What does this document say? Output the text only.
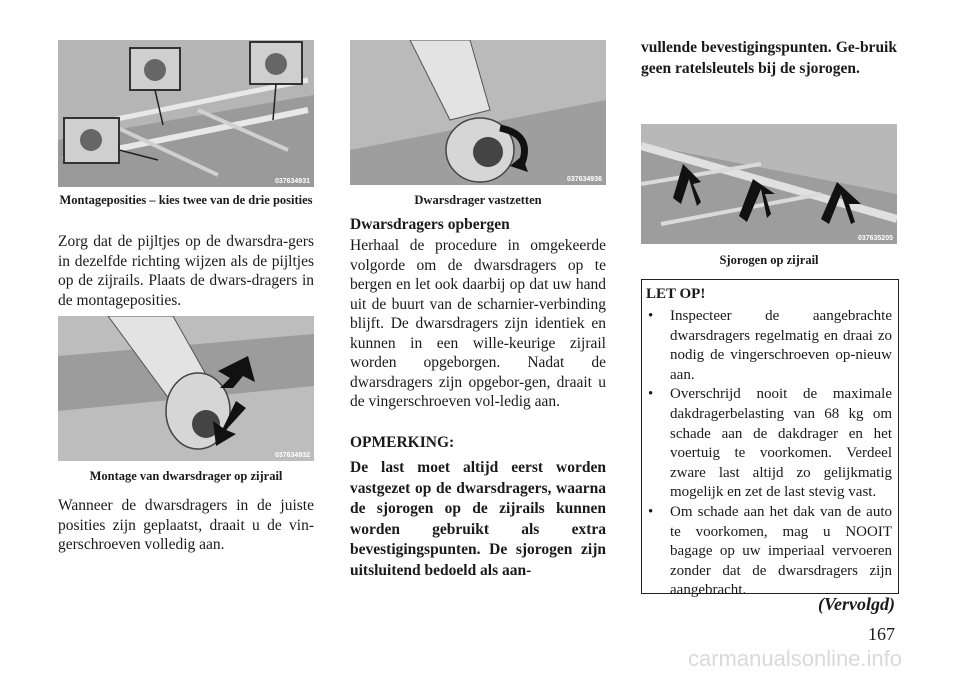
037634931
Montageposities – kies twee van de drie posities
Zorg dat de pijltjes op de dwarsdra-gers in dezelfde richting wijzen als de pijltjes op de zijrails. Plaats de dwars-dragers in de montageposities.
037634932
Montage van dwarsdrager op zijrail
Wanneer de dwarsdragers in de juiste posities zijn geplaatst, draait u de vin-gerschroeven volledig aan.
037634936
Dwarsdrager vastzetten
Dwarsdragers opbergen
Herhaal de procedure in omgekeerde volgorde om de dwarsdragers op te bergen en let ook daarbij op dat uw hand uit de buurt van de scharnier-verbinding blijft. De dwarsdragers zijn identiek en kunnen in een wille-keurige zijrail worden opgeborgen. Nadat de dwarsdragers zijn opgebor-gen, draait u de vingerschroeven vol-ledig aan.
OPMERKING:
De last moet altijd eerst worden vastgezet op de dwarsdragers, waarna de sjorogen op de zijrails kunnen worden gebruikt als extra bevestigingspunten. De sjorogen zijn uitsluitend bedoeld als aan-
vullende bevestigingspunten. Ge-bruik geen ratelsleutels bij de sjorogen.
037635205
Sjorogen op zijrail
LET OP!
• Inspecteer de aangebrachte dwarsdragers regelmatig en draai zo nodig de vingerschroeven op-nieuw aan.
• Overschrijd nooit de maximale dakdragerbelasting van 68 kg om schade aan de dakdrager en het voertuig te voorkomen. Verdeel zware last altijd zo gelijkmatig mogelijk en zet de last stevig vast.
• Om schade aan het dak van de auto te voorkomen, mag u NOOIT bagage op uw imperiaal vervoeren zonder dat de dwarsdragers zijn aangebracht.
(Vervolgd)
167
carmanualsonline.info
